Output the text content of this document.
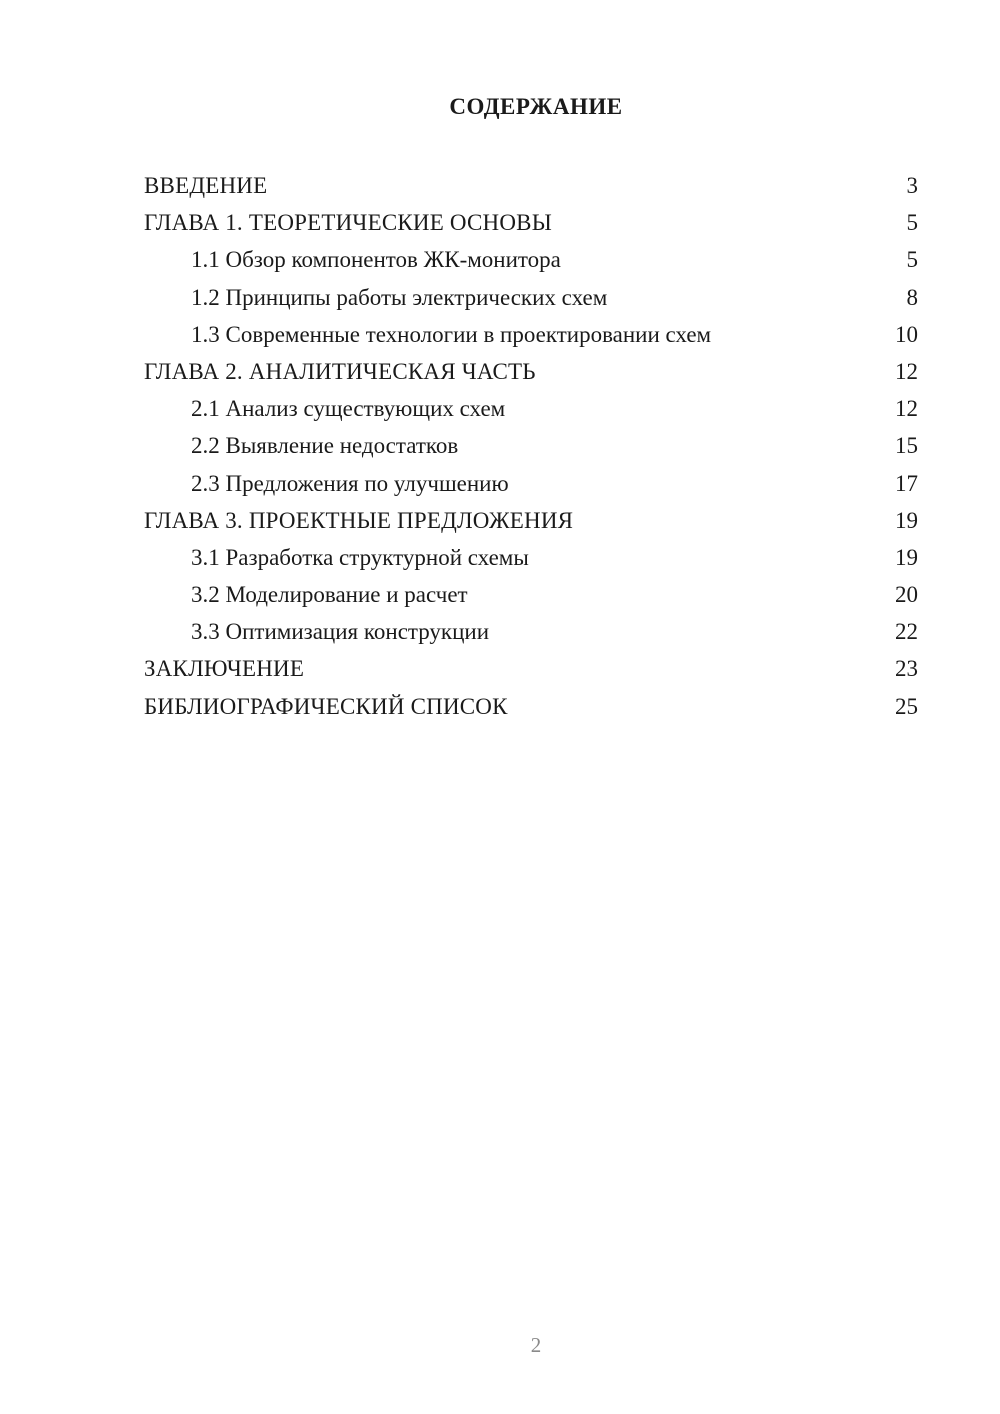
СОДЕРЖАНИЕ
ВВЕДЕНИЕ	3
ГЛАВА 1. ТЕОРЕТИЧЕСКИЕ ОСНОВЫ	5
1.1 Обзор компонентов ЖК-монитора	5
1.2 Принципы работы электрических схем	8
1.3 Современные технологии в проектировании схем	10
ГЛАВА 2. АНАЛИТИЧЕСКАЯ ЧАСТЬ	12
2.1 Анализ существующих схем	12
2.2 Выявление недостатков	15
2.3 Предложения по улучшению	17
ГЛАВА 3. ПРОЕКТНЫЕ ПРЕДЛОЖЕНИЯ	19
3.1 Разработка структурной схемы	19
3.2 Моделирование и расчет	20
3.3 Оптимизация конструкции	22
ЗАКЛЮЧЕНИЕ	23
БИБЛИОГРАФИЧЕСКИЙ СПИСОК	25
2
